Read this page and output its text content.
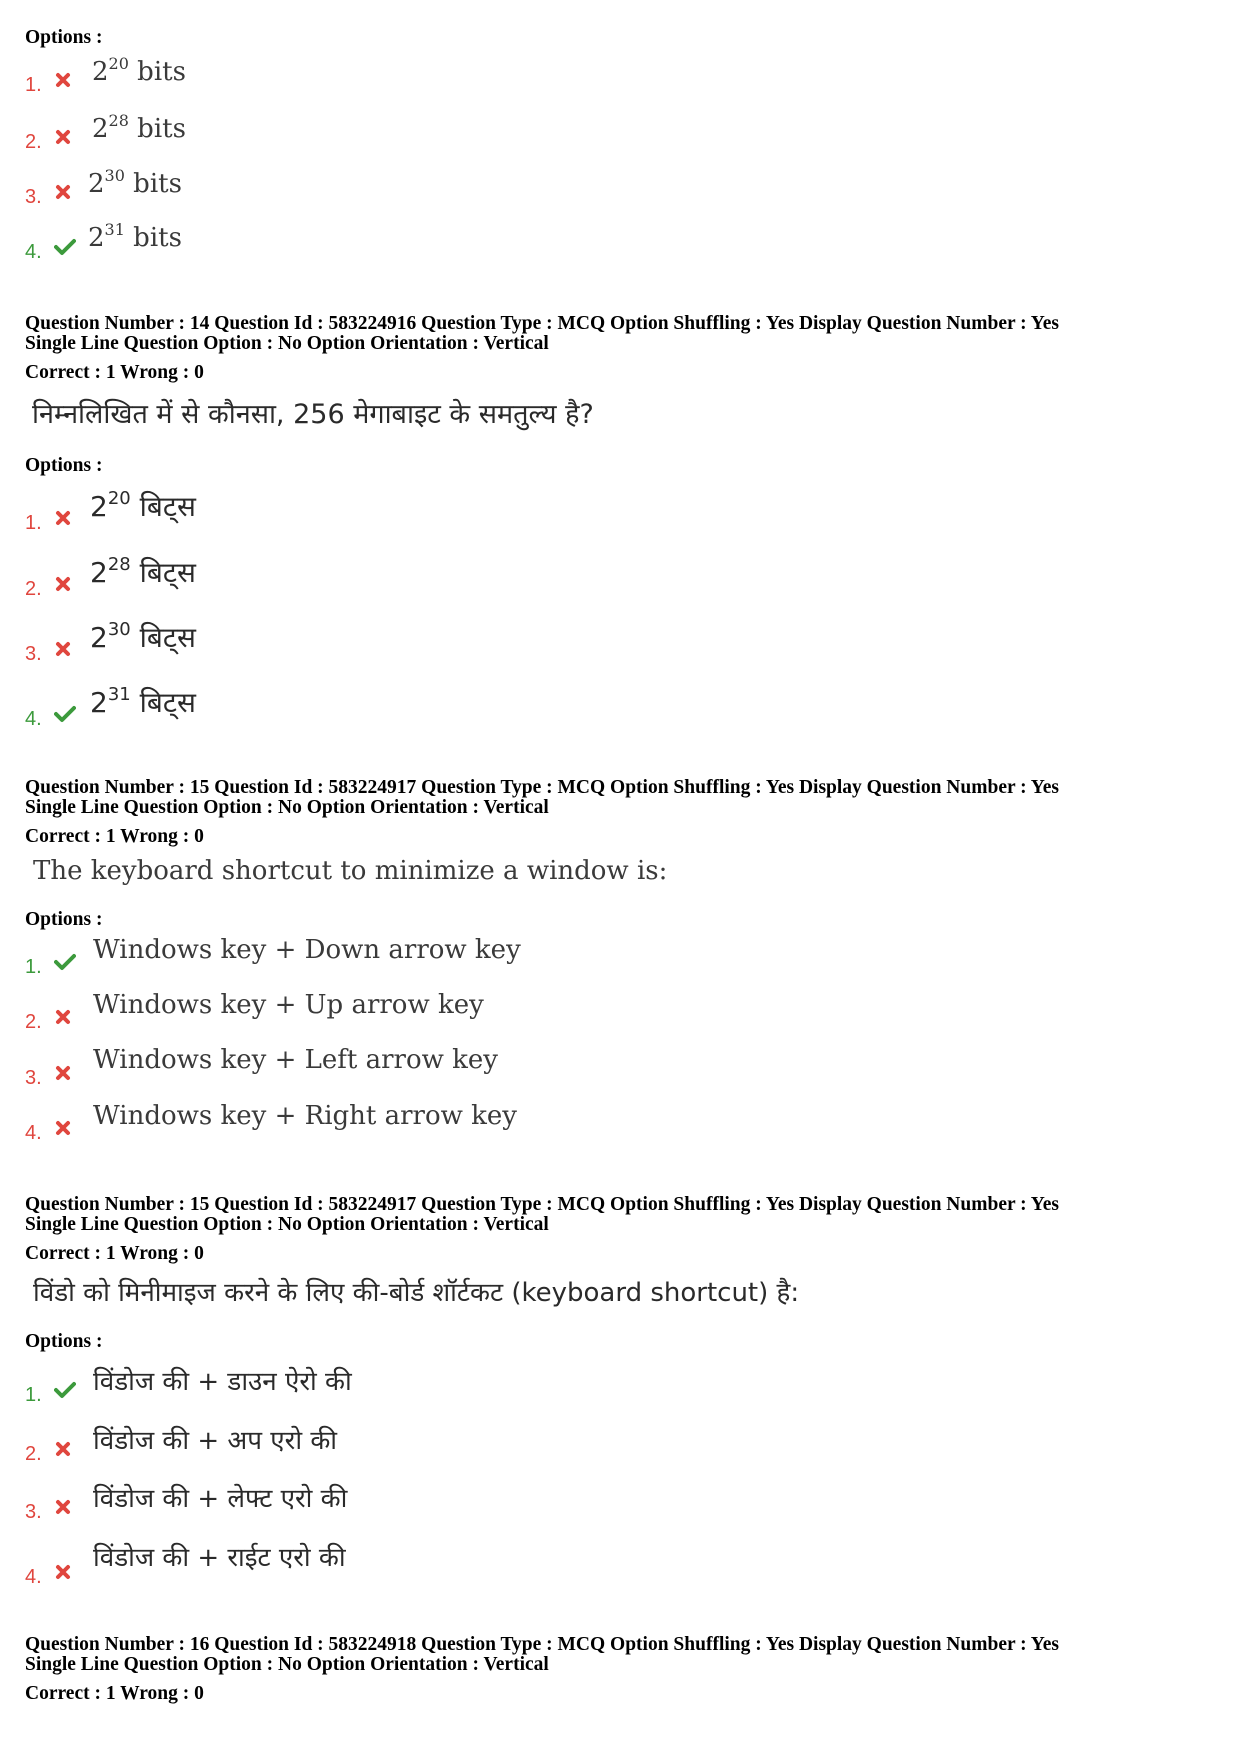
Options :
1. $2^{20}$ bits
2. $2^{28}$ bits
3. $2^{30}$ bits
4. $2^{31}$ bits
Question Number : 14 Question Id : 583224916 Question Type : MCQ Option Shuffling : Yes Display Question Number : Yes
Single Line Question Option : No Option Orientation : Vertical
Correct : 1 Wrong : 0
निम्नलिखित में से कौनसा, 256 मेगाबाइट के समतुल्य है?
Options :
1. $2^{20}$ बिट्स
2. $2^{28}$ बिट्स
3. $2^{30}$ बिट्स
4. $2^{31}$ बिट्स
Question Number : 15 Question Id : 583224917 Question Type : MCQ Option Shuffling : Yes Display Question Number : Yes
Single Line Question Option : No Option Orientation : Vertical
Correct : 1 Wrong : 0
The keyboard shortcut to minimize a window is:
Options :
1.
Windows key + Down arrow key
2.
Windows key + Up arrow key
3.
Windows key + Left arrow key
4.
Windows key + Right arrow key
Question Number : 15 Question Id : 583224917 Question Type : MCQ Option Shuffling : Yes Display Question Number : Yes
Single Line Question Option : No Option Orientation : Vertical
Correct : 1 Wrong : 0
विंडो को मिनीमाइज करने के लिए की-बोर्ड शॉर्टकट (keyboard shortcut) है:
Options :
1. विंडोज की + डाउन ऐरो की
2. विंडोज की + अप एरो की
3. विंडोज की + लेफ्ट एरो की
4.
विंडोज की + राईट एरो की
Question Number : 16 Question Id : 583224918 Question Type : MCQ Option Shuffling : Yes Display Question Number : Yes
Single Line Question Option : No Option Orientation : Vertical
Correct : 1 Wrong : 0
